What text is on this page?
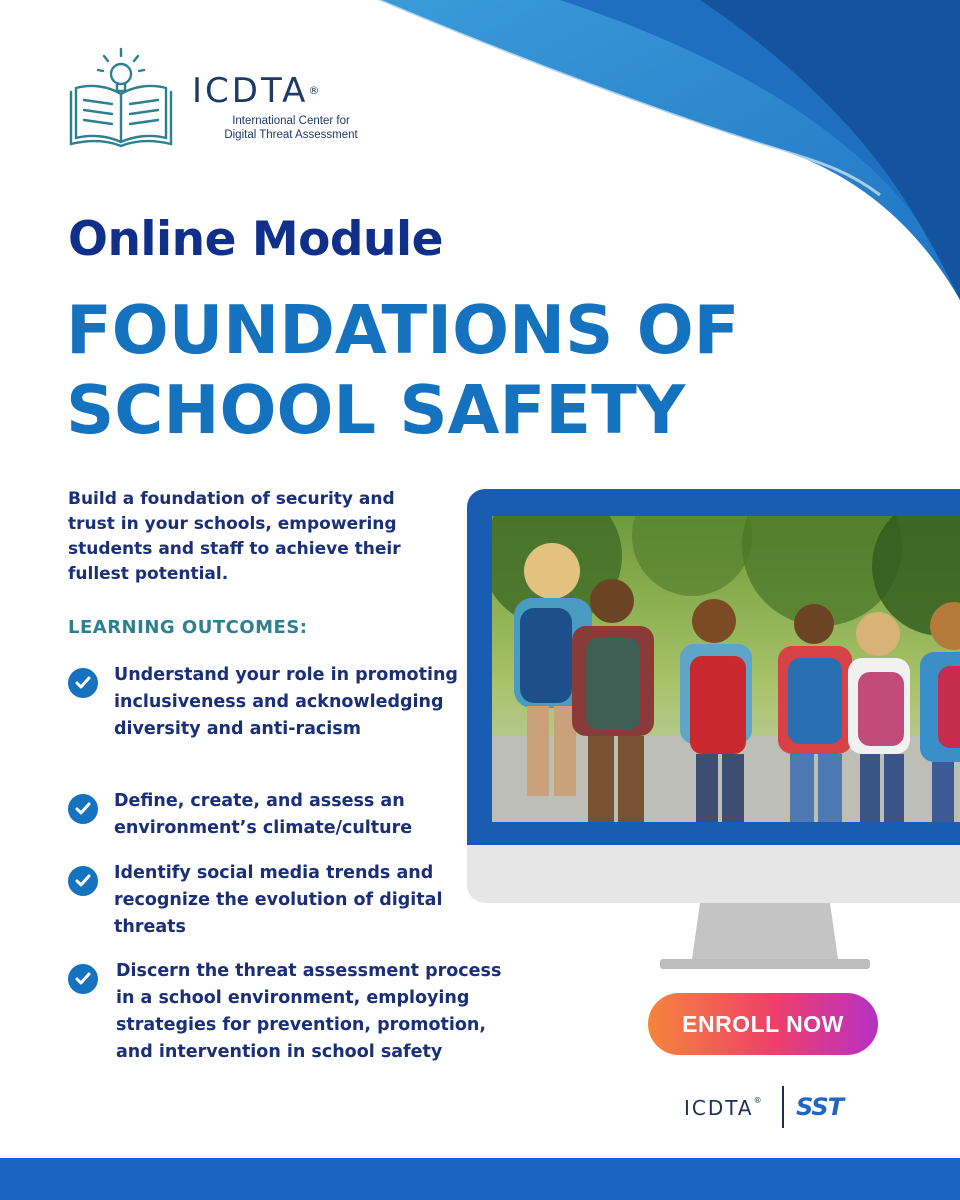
ICDTA®
International Center for
Digital Threat Assessment
Online Module
FOUNDATIONS OF
SCHOOL SAFETY
Build a foundation of security and trust in your schools, empowering students and staff to achieve their fullest potential.
LEARNING OUTCOMES:
Understand your role in promoting inclusiveness and acknowledging diversity and anti-racism
Define, create, and assess an environment’s climate/culture
Identify social media trends and recognize the evolution of digital threats
Discern the threat assessment process in a school environment, employing strategies for prevention, promotion, and intervention in school safety
ENROLL NOW
ICDTA® SST
